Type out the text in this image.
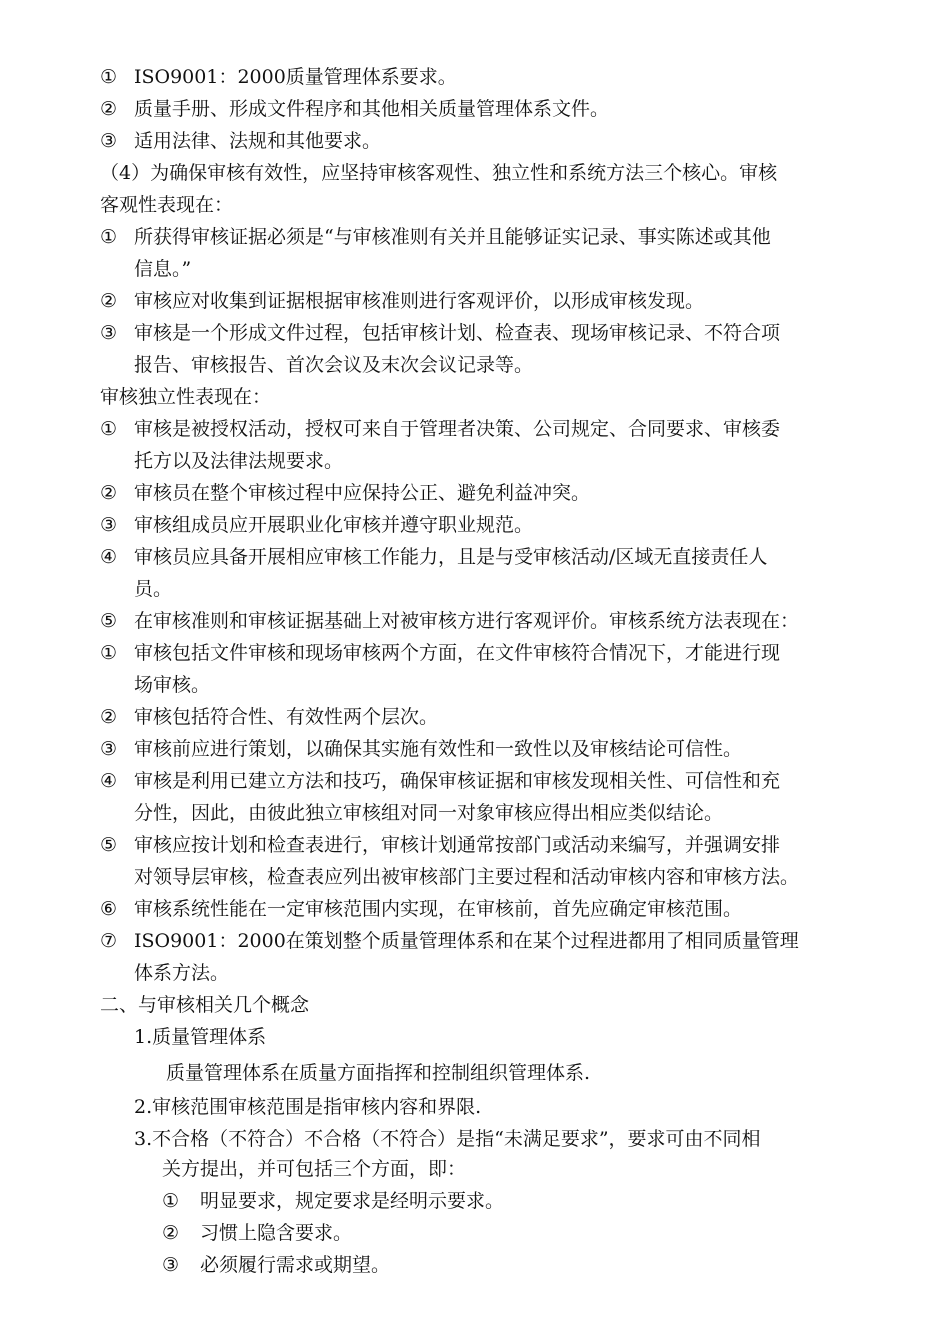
① ISO9001：2000质量管理体系要求。

② 质量手册、形成文件程序和其他相关质量管理体系文件。

③ 适用法律、法规和其他要求。

（4）为确保审核有效性，应坚持审核客观性、独立性和系统方法三个核心。审核

客观性表现在：

① 所获得审核证据必须是“与审核准则有关并且能够证实记录、事实陈述或其他

信息。”

② 审核应对收集到证据根据审核准则进行客观评价，以形成审核发现。

③ 审核是一个形成文件过程，包括审核计划、检查表、现场审核记录、不符合项

报告、审核报告、首次会议及末次会议记录等。

审核独立性表现在：

① 审核是被授权活动，授权可来自于管理者决策、公司规定、合同要求、审核委

托方以及法律法规要求。

② 审核员在整个审核过程中应保持公正、避免利益冲突。

③ 审核组成员应开展职业化审核并遵守职业规范。

④ 审核员应具备开展相应审核工作能力，且是与受审核活动/区域无直接责任人

员。

⑤ 在审核准则和审核证据基础上对被审核方进行客观评价。审核系统方法表现在：

① 审核包括文件审核和现场审核两个方面，在文件审核符合情况下，才能进行现

场审核。

② 审核包括符合性、有效性两个层次。

③ 审核前应进行策划，以确保其实施有效性和一致性以及审核结论可信性。

④ 审核是利用已建立方法和技巧，确保审核证据和审核发现相关性、可信性和充

分性，因此，由彼此独立审核组对同一对象审核应得出相应类似结论。

⑤ 审核应按计划和检查表进行，审核计划通常按部门或活动来编写，并强调安排

对领导层审核，检查表应列出被审核部门主要过程和活动审核内容和审核方法。

⑥ 审核系统性能在一定审核范围内实现，在审核前，首先应确定审核范围。

⑦ ISO9001：2000在策划整个质量管理体系和在某个过程进都用了相同质量管理

体系方法。

二、与审核相关几个概念

1.质量管理体系

质量管理体系在质量方面指挥和控制组织管理体系.

2.审核范围审核范围是指审核内容和界限.

3.不合格（不符合）不合格（不符合）是指“未满足要求”，要求可由不同相

关方提出，并可包括三个方面，即：

① 明显要求，规定要求是经明示要求。

② 习惯上隐含要求。

③ 必须履行需求或期望。
